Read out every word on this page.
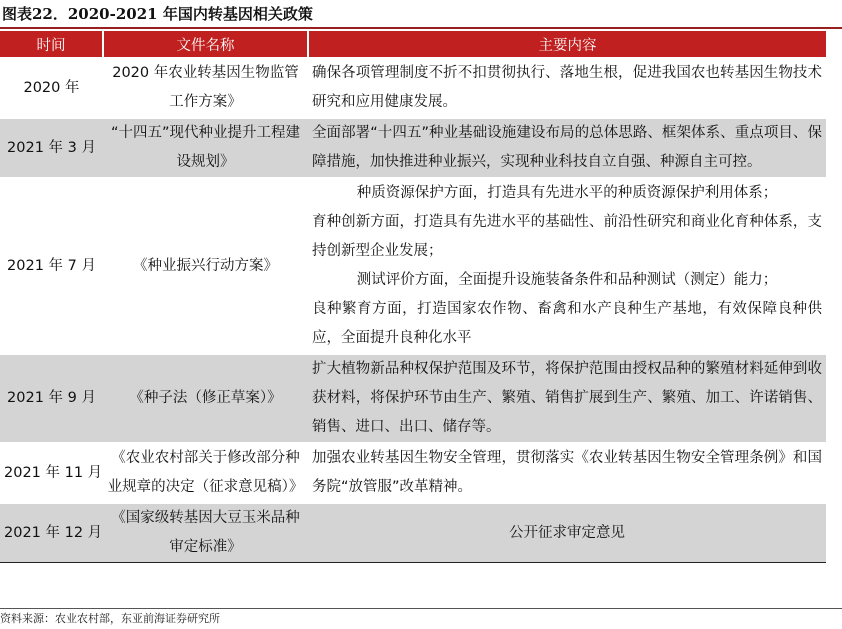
图表22．2020-2021 年国内转基因相关政策
时间	文件名称	主要内容
2020 年	2020 年农业转基因生物监管工作方案》	确保各项管理制度不折不扣贯彻执行、落地生根，促进我国农也转基因生物技术研究和应用健康发展。

2021 年 3 月	“十四五”现代种业提升工程建设规划》	全面部署“十四五”种业基础设施建设布局的总体思路、框架体系、重点项目、保障措施，加快推进种业振兴，实现种业科技自立自强、种源自主可控。

2021 年 7 月	《种业振兴行动方案》	种质资源保护方面，打造具有先进水平的种质资源保护利用体系；
育种创新方面，打造具有先进水平的基础性、前沿性研究和商业化育种体系，支持创新型企业发展；
测试评价方面，全面提升设施装备条件和品种测试（测定）能力；
良种繁育方面，打造国家农作物、畜禽和水产良种生产基地，有效保障良种供应，全面提升良种化水平

2021 年 9 月	《种子法（修正草案）》	扩大植物新品种权保护范围及环节，将保护范围由授权品种的繁殖材料延伸到收获材料，将保护环节由生产、繁殖、销售扩展到生产、繁殖、加工、许诺销售、销售、进口、出口、储存等。

2021 年 11 月	《农业农村部关于修改部分种业规章的决定（征求意见稿）》	加强农业转基因生物安全管理，贯彻落实《农业转基因生物安全管理条例》和国务院“放管服”改革精神。

2021 年 12 月	《国家级转基因大豆玉米品种审定标准》	公开征求审定意见
资料来源：农业农村部，东亚前海证券研究所
